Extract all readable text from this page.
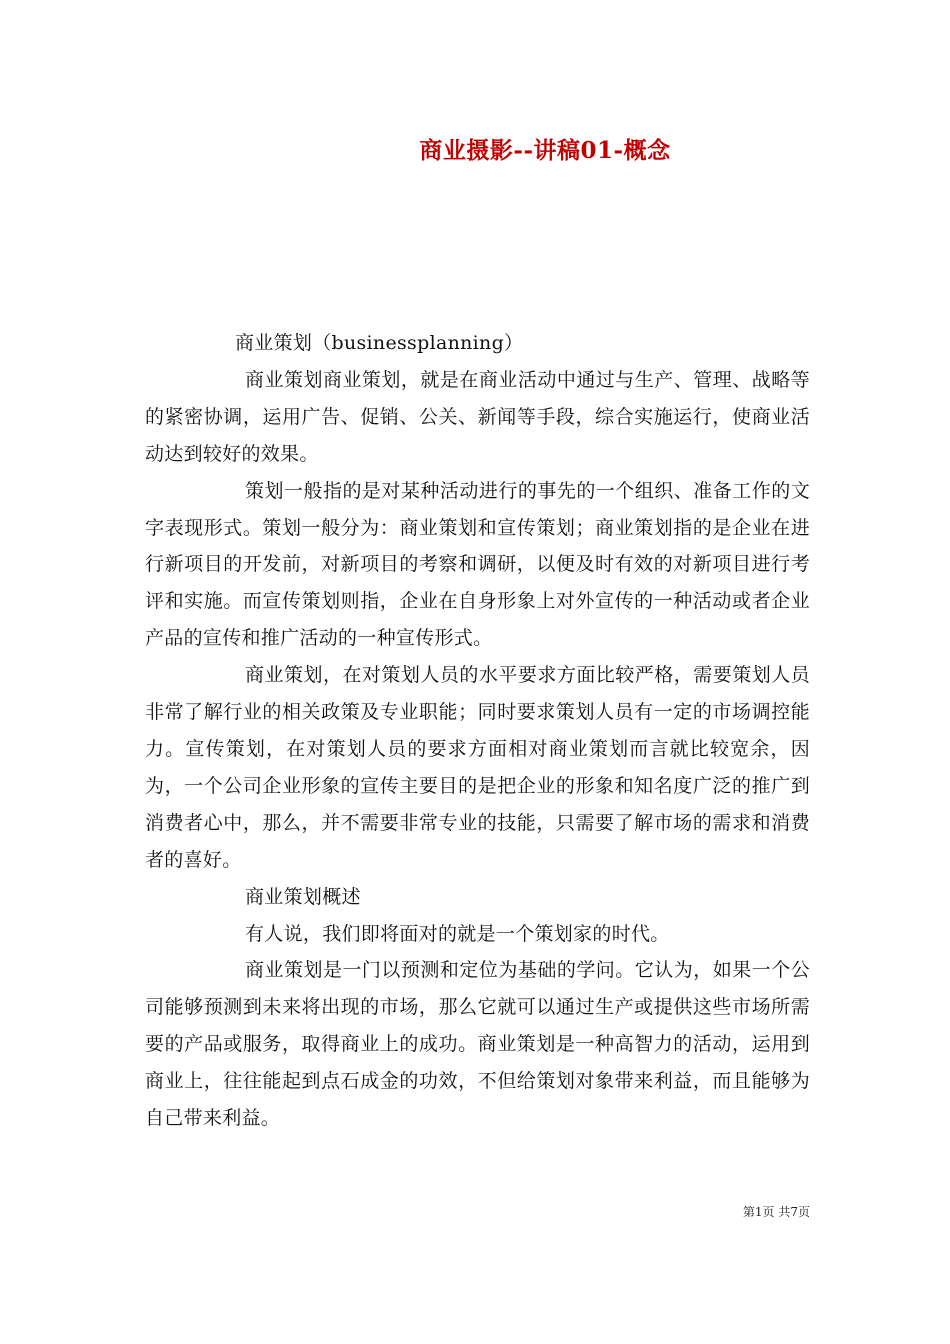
商业摄影--讲稿01-概念

商业策划（businessplanning）

商业策划商业策划，就是在商业活动中通过与生产、管理、战略等的紧密协调，运用广告、促销、公关、新闻等手段，综合实施运行，使商业活动达到较好的效果。

策划一般指的是对某种活动进行的事先的一个组织、准备工作的文字表现形式。策划一般分为：商业策划和宣传策划；商业策划指的是企业在进行新项目的开发前，对新项目的考察和调研，以便及时有效的对新项目进行考评和实施。而宣传策划则指，企业在自身形象上对外宣传的一种活动或者企业产品的宣传和推广活动的一种宣传形式。

商业策划，在对策划人员的水平要求方面比较严格，需要策划人员非常了解行业的相关政策及专业职能；同时要求策划人员有一定的市场调控能力。宣传策划，在对策划人员的要求方面相对商业策划而言就比较宽余，因为，一个公司企业形象的宣传主要目的是把企业的形象和知名度广泛的推广到消费者心中，那么，并不需要非常专业的技能，只需要了解市场的需求和消费者的喜好。

商业策划概述

有人说，我们即将面对的就是一个策划家的时代。

商业策划是一门以预测和定位为基础的学问。它认为，如果一个公司能够预测到未来将出现的市场，那么它就可以通过生产或提供这些市场所需要的产品或服务，取得商业上的成功。商业策划是一种高智力的活动，运用到商业上，往往能起到点石成金的功效，不但给策划对象带来利益，而且能够为自己带来利益。

第1页 共7页
